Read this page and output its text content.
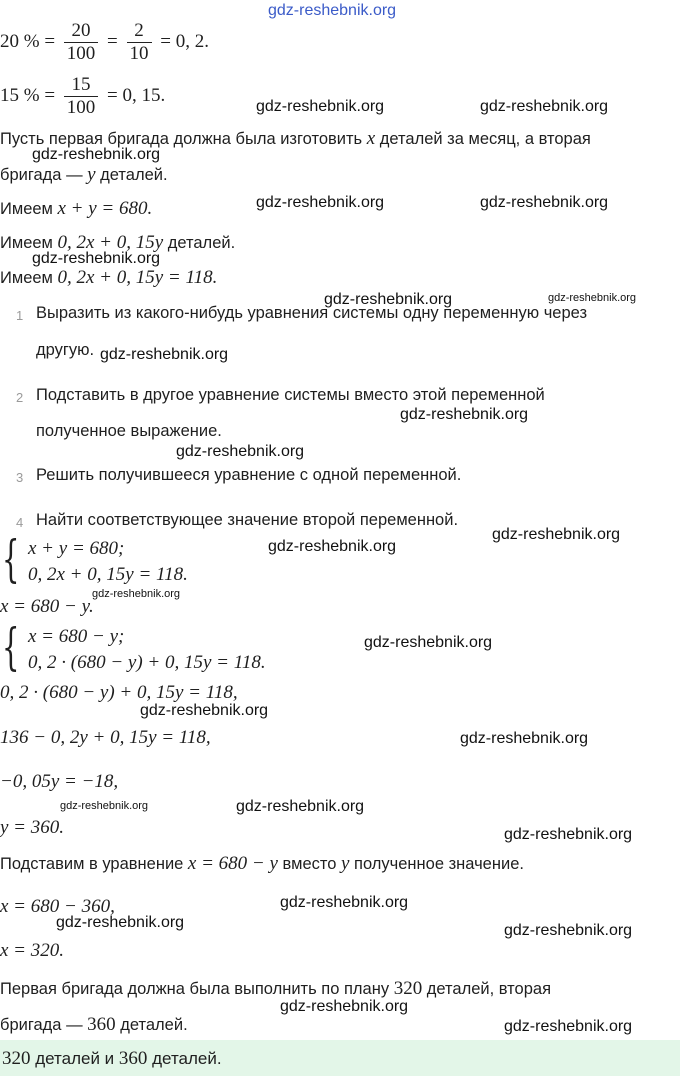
gdz-reshebnik.org
20 % = $\frac{20}{100} = \frac{2}{10} = 0$, 2.
15 % = $\frac{15}{100} = 0$, 15.
gdz-reshebnik.org	gdz-reshebnik.org
Пусть первая бригада должна была изготовить x деталей за месяц, а вторая
gdz-reshebnik.org
бригада — y деталей.
Имеем x + y = 680.	gdz-reshebnik.org	gdz-reshebnik.org
Имеем 0, 2x + 0, 15y деталей.
gdz-reshebnik.org
Имеем 0, 2x + 0, 15y = 118.
gdz-reshebnik.org	gdz-reshebnik.org
1 Выразить из какого-нибудь уравнения системы одну переменную через
другую. gdz-reshebnik.org
2 Подставить в другое уравнение системы вместо этой переменной
gdz-reshebnik.org
полученное выражение.
gdz-reshebnik.org
3 Решить получившееся уравнение с одной переменной.
4 Найти соответствующее значение второй переменной.
gdz-reshebnik.org
{ x + y = 680;	gdz-reshebnik.org
0, 2x + 0, 15y = 118.
gdz-reshebnik.org
x = 680 − y.
{ x = 680 − y;	gdz-reshebnik.org
0, 2 · (680 − y) + 0, 15y = 118.
0, 2 · (680 − y) + 0, 15y = 118,
gdz-reshebnik.org
136 − 0, 2y + 0, 15y = 118,	gdz-reshebnik.org
−0, 05y = −18,
gdz-reshebnik.org	gdz-reshebnik.org
y = 360.	gdz-reshebnik.org
Подставим в уравнение x = 680 − y вместо y полученное значение.
x = 680 − 360,	gdz-reshebnik.org
gdz-reshebnik.org	gdz-reshebnik.org
x = 320.
Первая бригада должна была выполнить по плану 320 деталей, вторая
gdz-reshebnik.org
бригада — 360 деталей.	gdz-reshebnik.org
320 деталей и 360 деталей.
